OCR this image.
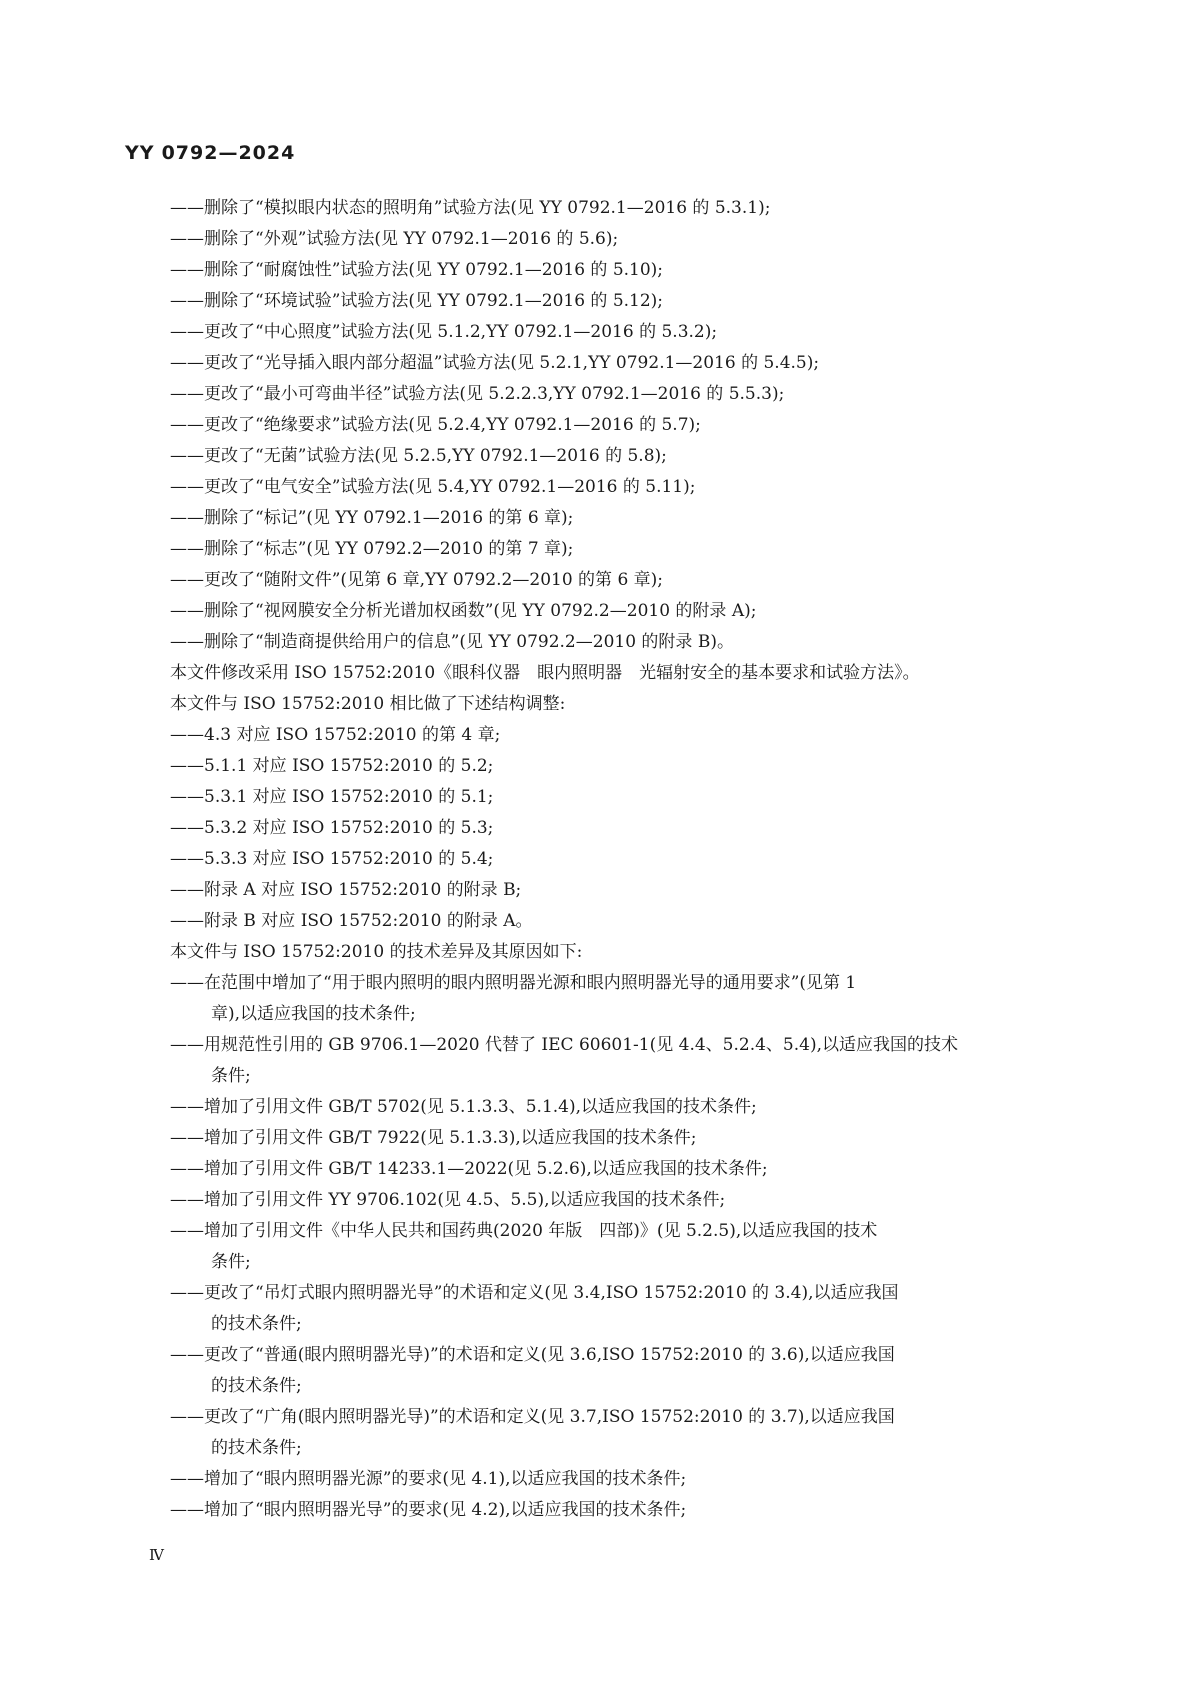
YY 0792—2024
——删除了“模拟眼内状态的照明角”试验方法(见 YY 0792.1—2016 的 5.3.1);
——删除了“外观”试验方法(见 YY 0792.1—2016 的 5.6);
——删除了“耐腐蚀性”试验方法(见 YY 0792.1—2016 的 5.10);
——删除了“环境试验”试验方法(见 YY 0792.1—2016 的 5.12);
——更改了“中心照度”试验方法(见 5.1.2,YY 0792.1—2016 的 5.3.2);
——更改了“光导插入眼内部分超温”试验方法(见 5.2.1,YY 0792.1—2016 的 5.4.5);
——更改了“最小可弯曲半径”试验方法(见 5.2.2.3,YY 0792.1—2016 的 5.5.3);
——更改了“绝缘要求”试验方法(见 5.2.4,YY 0792.1—2016 的 5.7);
——更改了“无菌”试验方法(见 5.2.5,YY 0792.1—2016 的 5.8);
——更改了“电气安全”试验方法(见 5.4,YY 0792.1—2016 的 5.11);
——删除了“标记”(见 YY 0792.1—2016 的第 6 章);
——删除了“标志”(见 YY 0792.2—2010 的第 7 章);
——更改了“随附文件”(见第 6 章,YY 0792.2—2010 的第 6 章);
——删除了“视网膜安全分析光谱加权函数”(见 YY 0792.2—2010 的附录 A);
——删除了“制造商提供给用户的信息”(见 YY 0792.2—2010 的附录 B)。
本文件修改采用 ISO 15752:2010《眼科仪器　眼内照明器　光辐射安全的基本要求和试验方法》。
本文件与 ISO 15752:2010 相比做了下述结构调整:
——4.3 对应 ISO 15752:2010 的第 4 章;
——5.1.1 对应 ISO 15752:2010 的 5.2;
——5.3.1 对应 ISO 15752:2010 的 5.1;
——5.3.2 对应 ISO 15752:2010 的 5.3;
——5.3.3 对应 ISO 15752:2010 的 5.4;
——附录 A 对应 ISO 15752:2010 的附录 B;
——附录 B 对应 ISO 15752:2010 的附录 A。
本文件与 ISO 15752:2010 的技术差异及其原因如下:
——在范围中增加了“用于眼内照明的眼内照明器光源和眼内照明器光导的通用要求”(见第 1
章),以适应我国的技术条件;
——用规范性引用的 GB 9706.1—2020 代替了 IEC 60601-1(见 4.4、5.2.4、5.4),以适应我国的技术
条件;
——增加了引用文件 GB/T 5702(见 5.1.3.3、5.1.4),以适应我国的技术条件;
——增加了引用文件 GB/T 7922(见 5.1.3.3),以适应我国的技术条件;
——增加了引用文件 GB/T 14233.1—2022(见 5.2.6),以适应我国的技术条件;
——增加了引用文件 YY 9706.102(见 4.5、5.5),以适应我国的技术条件;
——增加了引用文件《中华人民共和国药典(2020 年版　四部)》(见 5.2.5),以适应我国的技术
条件;
——更改了“吊灯式眼内照明器光导”的术语和定义(见 3.4,ISO 15752:2010 的 3.4),以适应我国
的技术条件;
——更改了“普通(眼内照明器光导)”的术语和定义(见 3.6,ISO 15752:2010 的 3.6),以适应我国
的技术条件;
——更改了“广角(眼内照明器光导)”的术语和定义(见 3.7,ISO 15752:2010 的 3.7),以适应我国
的技术条件;
——增加了“眼内照明器光源”的要求(见 4.1),以适应我国的技术条件;
——增加了“眼内照明器光导”的要求(见 4.2),以适应我国的技术条件;
Ⅳ
